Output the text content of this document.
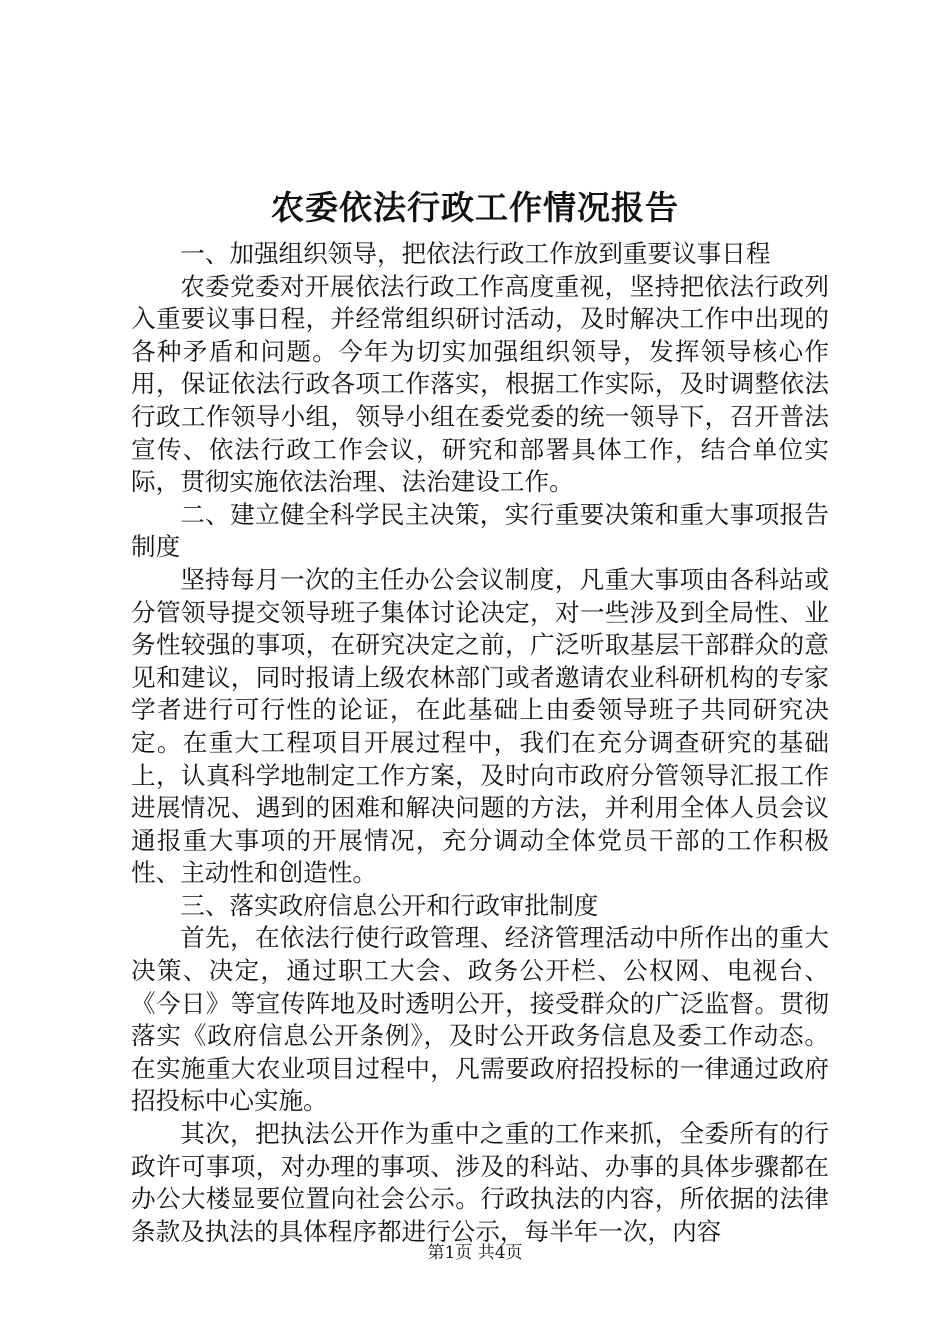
农委依法行政工作情况报告

一、加强组织领导，把依法行政工作放到重要议事日程

农委党委对开展依法行政工作高度重视，坚持把依法行政列入重要议事日程，并经常组织研讨活动，及时解决工作中出现的各种矛盾和问题。今年为切实加强组织领导，发挥领导核心作用，保证依法行政各项工作落实，根据工作实际，及时调整依法行政工作领导小组，领导小组在委党委的统一领导下，召开普法宣传、依法行政工作会议，研究和部署具体工作，结合单位实际，贯彻实施依法治理、法治建设工作。

二、建立健全科学民主决策，实行重要决策和重大事项报告制度

坚持每月一次的主任办公会议制度，凡重大事项由各科站或分管领导提交领导班子集体讨论决定，对一些涉及到全局性、业务性较强的事项，在研究决定之前，广泛听取基层干部群众的意见和建议，同时报请上级农林部门或者邀请农业科研机构的专家学者进行可行性的论证，在此基础上由委领导班子共同研究决定。在重大工程项目开展过程中，我们在充分调查研究的基础上，认真科学地制定工作方案，及时向市政府分管领导汇报工作进展情况、遇到的困难和解决问题的方法，并利用全体人员会议通报重大事项的开展情况，充分调动全体党员干部的工作积极性、主动性和创造性。

三、落实政府信息公开和行政审批制度

首先，在依法行使行政管理、经济管理活动中所作出的重大决策、决定，通过职工大会、政务公开栏、公权网、电视台、《今日》等宣传阵地及时透明公开，接受群众的广泛监督。贯彻落实《政府信息公开条例》，及时公开政务信息及委工作动态。在实施重大农业项目过程中，凡需要政府招投标的一律通过政府招投标中心实施。

其次，把执法公开作为重中之重的工作来抓，全委所有的行政许可事项，对办理的事项、涉及的科站、办事的具体步骤都在办公大楼显要位置向社会公示。行政执法的内容，所依据的法律条款及执法的具体程序都进行公示，每半年一次，内容

第1页 共4页
